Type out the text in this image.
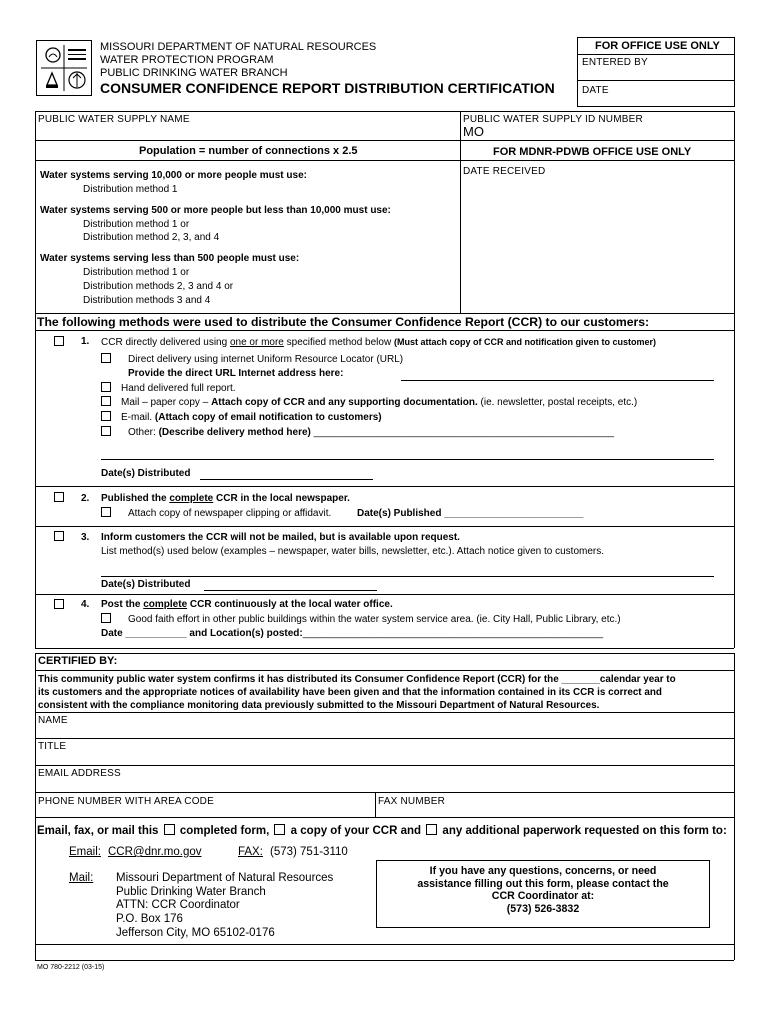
MISSOURI DEPARTMENT OF NATURAL RESOURCES
WATER PROTECTION PROGRAM
PUBLIC DRINKING WATER BRANCH
CONSUMER CONFIDENCE REPORT DISTRIBUTION CERTIFICATION
FOR OFFICE USE ONLY
ENTERED BY
DATE
PUBLIC WATER SUPPLY NAME	PUBLIC WATER SUPPLY ID NUMBER
MO
Population = number of connections x 2.5	FOR MDNR-PDWB OFFICE USE ONLY
DATE RECEIVED
Water systems serving 10,000 or more people must use:
Distribution method 1
Water systems serving 500 or more people but less than 10,000 must use:
Distribution method 1 or
Distribution method 2, 3, and 4
Water systems serving less than 500 people must use:
Distribution method 1 or
Distribution methods 2, 3 and 4 or
Distribution methods 3 and 4
The following methods were used to distribute the Consumer Confidence Report (CCR) to our customers:
1. CCR directly delivered using one or more specified method below (Must attach copy of CCR and notification given to customer)
Direct delivery using internet Uniform Resource Locator (URL)
Provide the direct URL Internet address here:
Hand delivered full report.
Mail – paper copy – Attach copy of CCR and any supporting documentation. (ie. newsletter, postal receipts, etc.)
E-mail. (Attach copy of email notification to customers)
Other: (Describe delivery method here) ______________________________________________________
Date(s) Distributed
2. Published the complete CCR in the local newspaper.
Attach copy of newspaper clipping or affidavit.	Date(s) Published _________________________
3. Inform customers the CCR will not be mailed, but is available upon request.
List method(s) used below (examples – newspaper, water bills, newsletter, etc.). Attach notice given to customers.
Date(s) Distributed
4. Post the complete CCR continuously at the local water office.
Good faith effort in other public buildings within the water system service area. (ie. City Hall, Public Library, etc.)
Date ___________ and Location(s) posted:______________________________________________________
CERTIFIED BY:
This community public water system confirms it has distributed its Consumer Confidence Report (CCR) for the _______calendar year to
its customers and the appropriate notices of availability have been given and that the information contained in its CCR is correct and
consistent with the compliance monitoring data previously submitted to the Missouri Department of Natural Resources.
NAME
TITLE
EMAIL ADDRESS
PHONE NUMBER WITH AREA CODE	FAX NUMBER
Email, fax, or mail this  completed form,  a copy of your CCR and  any additional paperwork requested on this form to:
Email: CCR@dnr.mo.gov	FAX: (573) 751-3110
Mail: Missouri Department of Natural Resources
Public Drinking Water Branch
ATTN: CCR Coordinator
P.O. Box 176
Jefferson City, MO 65102-0176
If you have any questions, concerns, or need
assistance filling out this form, please contact the
CCR Coordinator at:
(573) 526-3832
MO 780-2212 (03-15)
